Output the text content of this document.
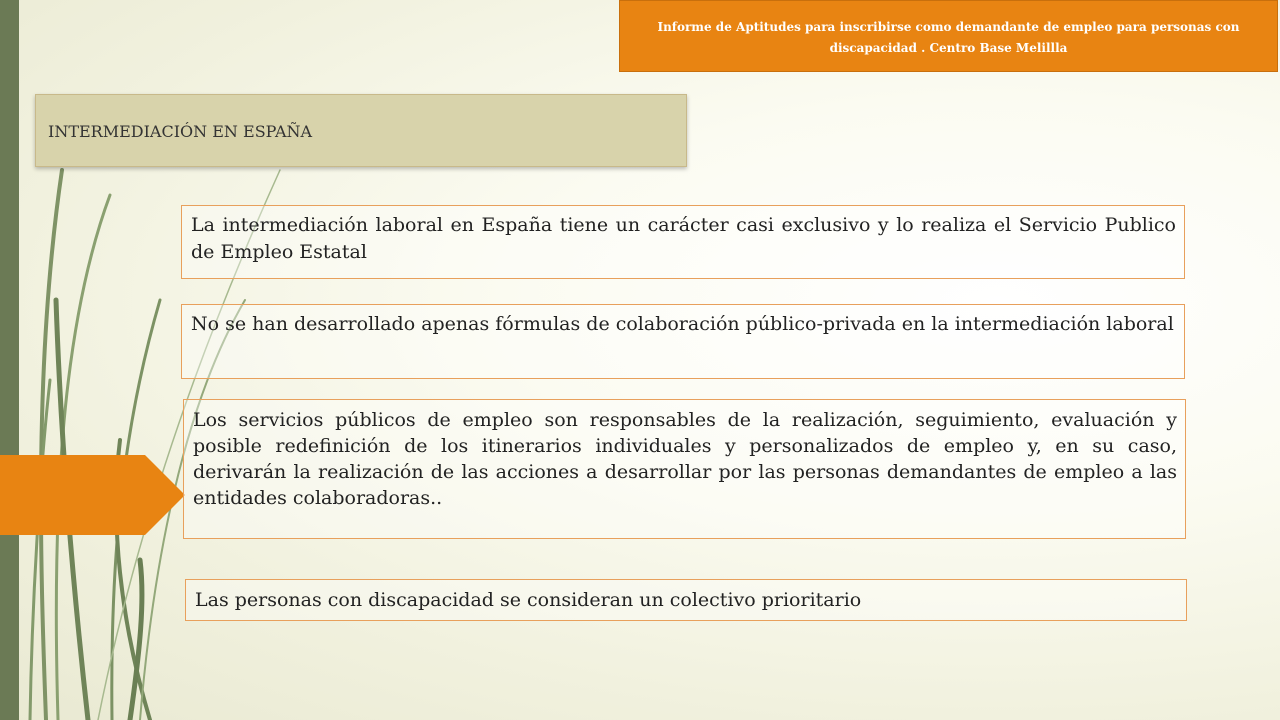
Informe de Aptitudes para inscribirse como demandante de empleo para personas con discapacidad . Centro Base Melillla
INTERMEDIACIÓN EN ESPAÑA
La intermediación laboral en España tiene un carácter casi exclusivo y lo realiza el Servicio Publico de Empleo Estatal
No se han desarrollado apenas fórmulas de colaboración público-privada en la intermediación laboral
Los servicios públicos de empleo son responsables de la realización, seguimiento, evaluación y posible redefinición de los itinerarios individuales y personalizados de empleo y, en su caso, derivarán la realización de las acciones a desarrollar por las personas demandantes de empleo a las entidades colaboradoras..
Las personas con discapacidad se consideran un colectivo prioritario
